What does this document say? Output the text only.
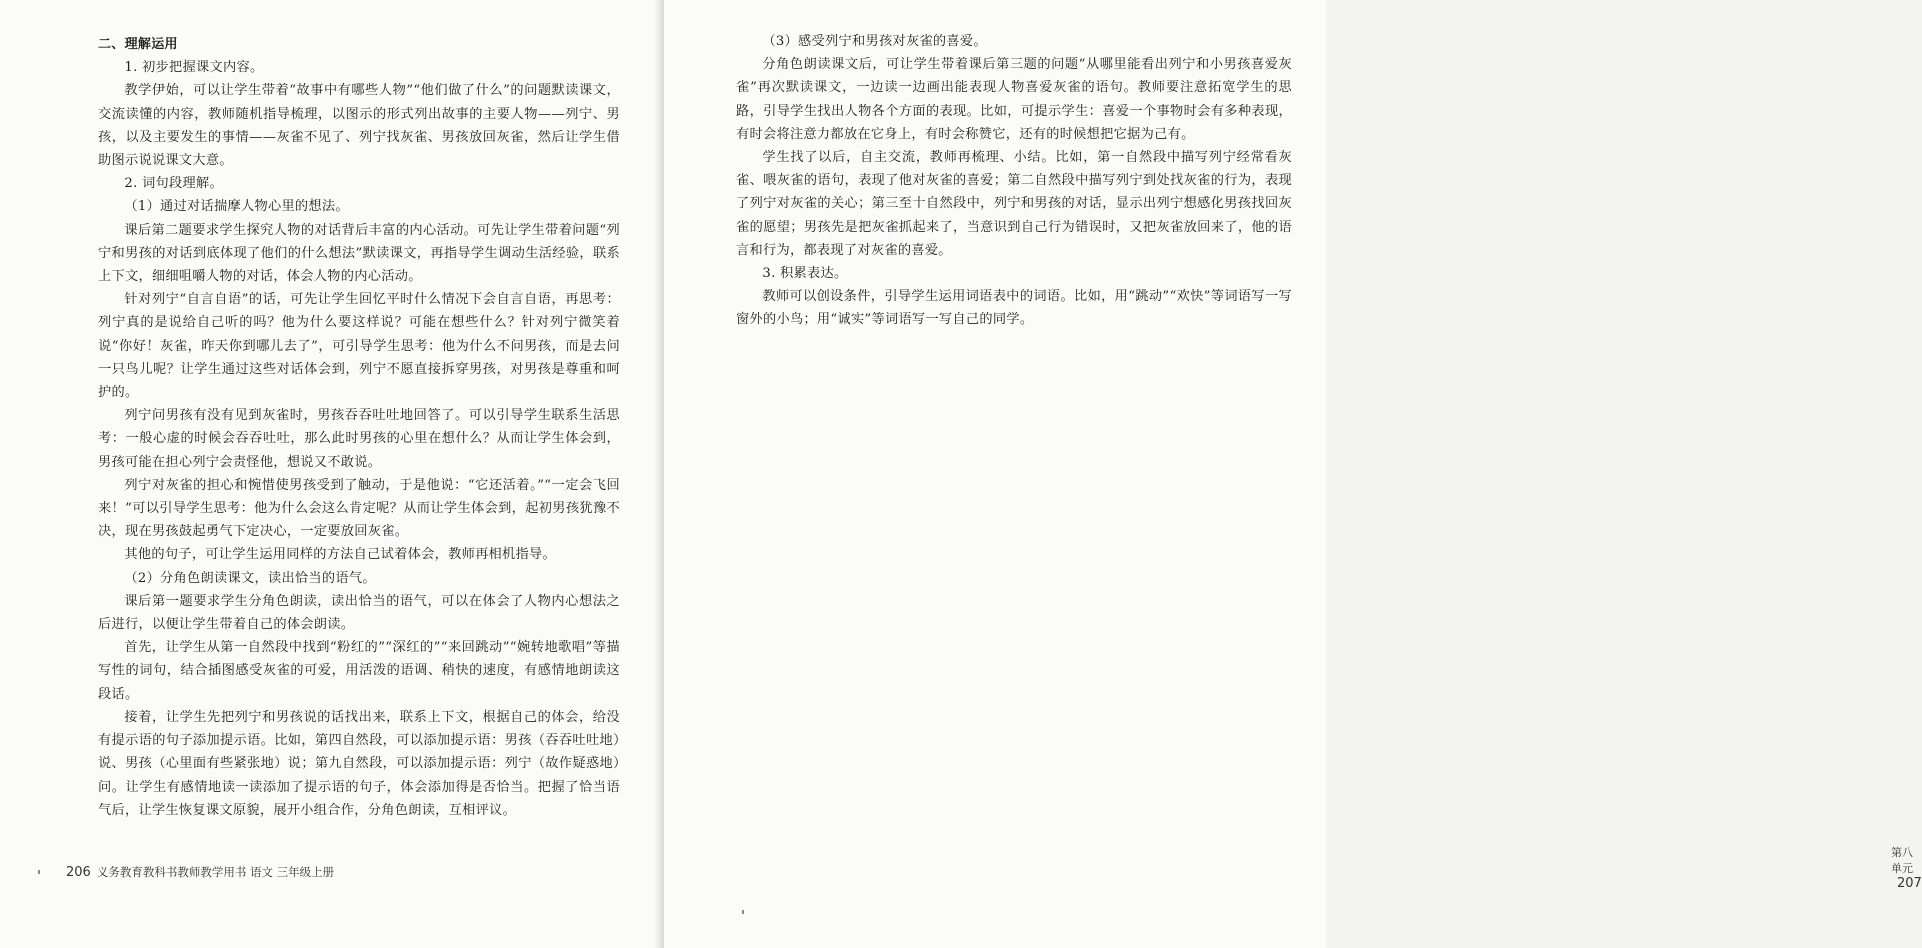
二、理解运用

1. 初步把握课文内容。

教学伊始，可以让学生带着“故事中有哪些人物”“他们做了什么”的问题默读课文，交流读懂的内容，教师随机指导梳理，以图示的形式列出故事的主要人物——列宁、男孩，以及主要发生的事情——灰雀不见了、列宁找灰雀、男孩放回灰雀，然后让学生借助图示说说课文大意。

2. 词句段理解。

（1）通过对话揣摩人物心里的想法。

课后第二题要求学生探究人物的对话背后丰富的内心活动。可先让学生带着问题“列宁和男孩的对话到底体现了他们的什么想法”默读课文，再指导学生调动生活经验，联系上下文，细细咀嚼人物的对话，体会人物的内心活动。

针对列宁“自言自语”的话，可先让学生回忆平时什么情况下会自言自语，再思考：列宁真的是说给自己听的吗？他为什么要这样说？可能在想些什么？针对列宁微笑着说“你好！灰雀，昨天你到哪儿去了”，可引导学生思考：他为什么不问男孩，而是去问一只鸟儿呢？让学生通过这些对话体会到，列宁不愿直接拆穿男孩，对男孩是尊重和呵护的。

列宁问男孩有没有见到灰雀时，男孩吞吞吐吐地回答了。可以引导学生联系生活思考：一般心虚的时候会吞吞吐吐，那么此时男孩的心里在想什么？从而让学生体会到，男孩可能在担心列宁会责怪他，想说又不敢说。

列宁对灰雀的担心和惋惜使男孩受到了触动，于是他说：“它还活着。”“一定会飞回来！”可以引导学生思考：他为什么会这么肯定呢？从而让学生体会到，起初男孩犹豫不决，现在男孩鼓起勇气下定决心，一定要放回灰雀。

其他的句子，可让学生运用同样的方法自己试着体会，教师再相机指导。

（2）分角色朗读课文，读出恰当的语气。

课后第一题要求学生分角色朗读，读出恰当的语气，可以在体会了人物内心想法之后进行，以便让学生带着自己的体会朗读。

首先，让学生从第一自然段中找到“粉红的”“深红的”“来回跳动”“婉转地歌唱”等描写性的词句，结合插图感受灰雀的可爱，用活泼的语调、稍快的速度，有感情地朗读这段话。

接着，让学生先把列宁和男孩说的话找出来，联系上下文，根据自己的体会，给没有提示语的句子添加提示语。比如，第四自然段，可以添加提示语：男孩（吞吞吐吐地）说、男孩（心里面有些紧张地）说；第九自然段，可以添加提示语：列宁（故作疑惑地）问。让学生有感情地读一读添加了提示语的句子，体会添加得是否恰当。把握了恰当语气后，让学生恢复课文原貌，展开小组合作，分角色朗读，互相评议。

206 义务教育教科书教师教学用书 语文 三年级上册

（3）感受列宁和男孩对灰雀的喜爱。

分角色朗读课文后，可让学生带着课后第三题的问题“从哪里能看出列宁和小男孩喜爱灰雀”再次默读课文，一边读一边画出能表现人物喜爱灰雀的语句。教师要注意拓宽学生的思路，引导学生找出人物各个方面的表现。比如，可提示学生：喜爱一个事物时会有多种表现，有时会将注意力都放在它身上，有时会称赞它，还有的时候想把它据为己有。

学生找了以后，自主交流，教师再梳理、小结。比如，第一自然段中描写列宁经常看灰雀、喂灰雀的语句，表现了他对灰雀的喜爱；第二自然段中描写列宁到处找灰雀的行为，表现了列宁对灰雀的关心；第三至十自然段中，列宁和男孩的对话，显示出列宁想感化男孩找回灰雀的愿望；男孩先是把灰雀抓起来了，当意识到自己行为错误时，又把灰雀放回来了，他的语言和行为，都表现了对灰雀的喜爱。

3. 积累表达。

教师可以创设条件，引导学生运用词语表中的词语。比如，用“跳动”“欢快”等词语写一写窗外的小鸟；用“诚实”等词语写一写自己的同学。

第八单元207
